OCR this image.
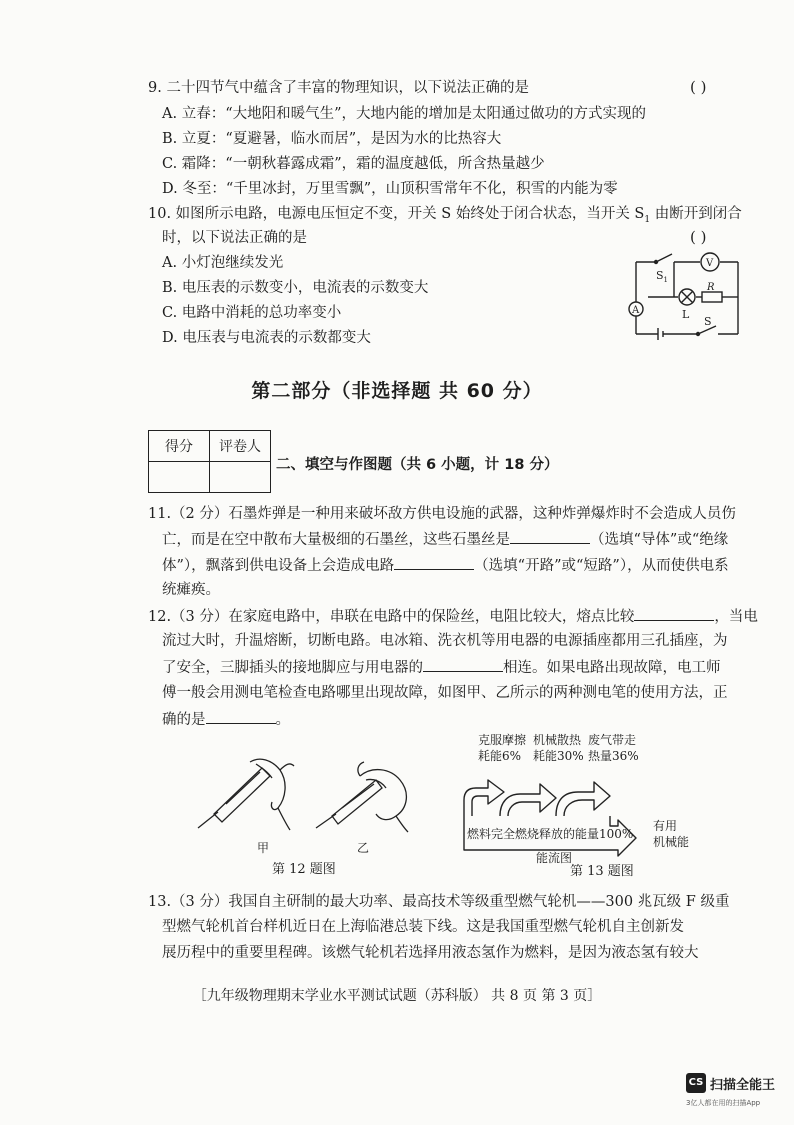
9. 二十四节气中蕴含了丰富的物理知识，以下说法正确的是	( )
A. 立春：“大地阳和暖气生”，大地内能的增加是太阳通过做功的方式实现的
B. 立夏：“夏避暑，临水而居”，是因为水的比热容大
C. 霜降：“一朝秋暮露成霜”，霜的温度越低，所含热量越少
D. 冬至：“千里冰封，万里雪飘”，山顶积雪常年不化，积雪的内能为零
10. 如图所示电路，电源电压恒定不变，开关 S 始终处于闭合状态，当开关 $S_1$ 由断开到闭合
时，以下说法正确的是	( )
A. 小灯泡继续发光
B. 电压表的示数变小，电流表的示数变大
C. 电路中消耗的总功率变小
D. 电压表与电流表的示数都变大
$S_1$
V
R
A	L
S
第二部分（非选择题 共 60 分）
得分	评卷人

二、填空与作图题（共 6 小题，计 18 分）
11.（2 分）石墨炸弹是一种用来破坏敌方供电设施的武器，这种炸弹爆炸时不会造成人员伤
亡，而是在空中散布大量极细的石墨丝，这些石墨丝是	（选填“导体”或“绝缘
体”），飘落到供电设备上会造成电路	（选填“开路”或“短路”），从而使供电系
统瘫痪。
12.（3 分）在家庭电路中，串联在电路中的保险丝，电阻比较大，熔点比较	，当电
流过大时，升温熔断，切断电路。电冰箱、洗衣机等用电器的电源插座都用三孔插座，为
了安全，三脚插头的接地脚应与用电器的	相连。如果电路出现故障，电工师
傅一般会用测电笔检查电路哪里出现故障，如图甲、乙所示的两种测电笔的使用方法，正
确的是	。
甲	乙
第 12 题图
克服摩擦
耗能6%
机械散热
耗能30%
废气带走
热量36%
燃料完全燃烧释放的能量100%
有用
机械能
能流图
第 13 题图
13.（3 分）我国自主研制的最大功率、最高技术等级重型燃气轮机——300 兆瓦级 F 级重
型燃气轮机首台样机近日在上海临港总装下线。这是我国重型燃气轮机自主创新发
展历程中的重要里程碑。该燃气轮机若选择用液态氢作为燃料，是因为液态氢有较大
［九年级物理期末学业水平测试试题（苏科版） 共 8 页 第 3 页］
CS 扫描全能王
3亿人都在用的扫描App
